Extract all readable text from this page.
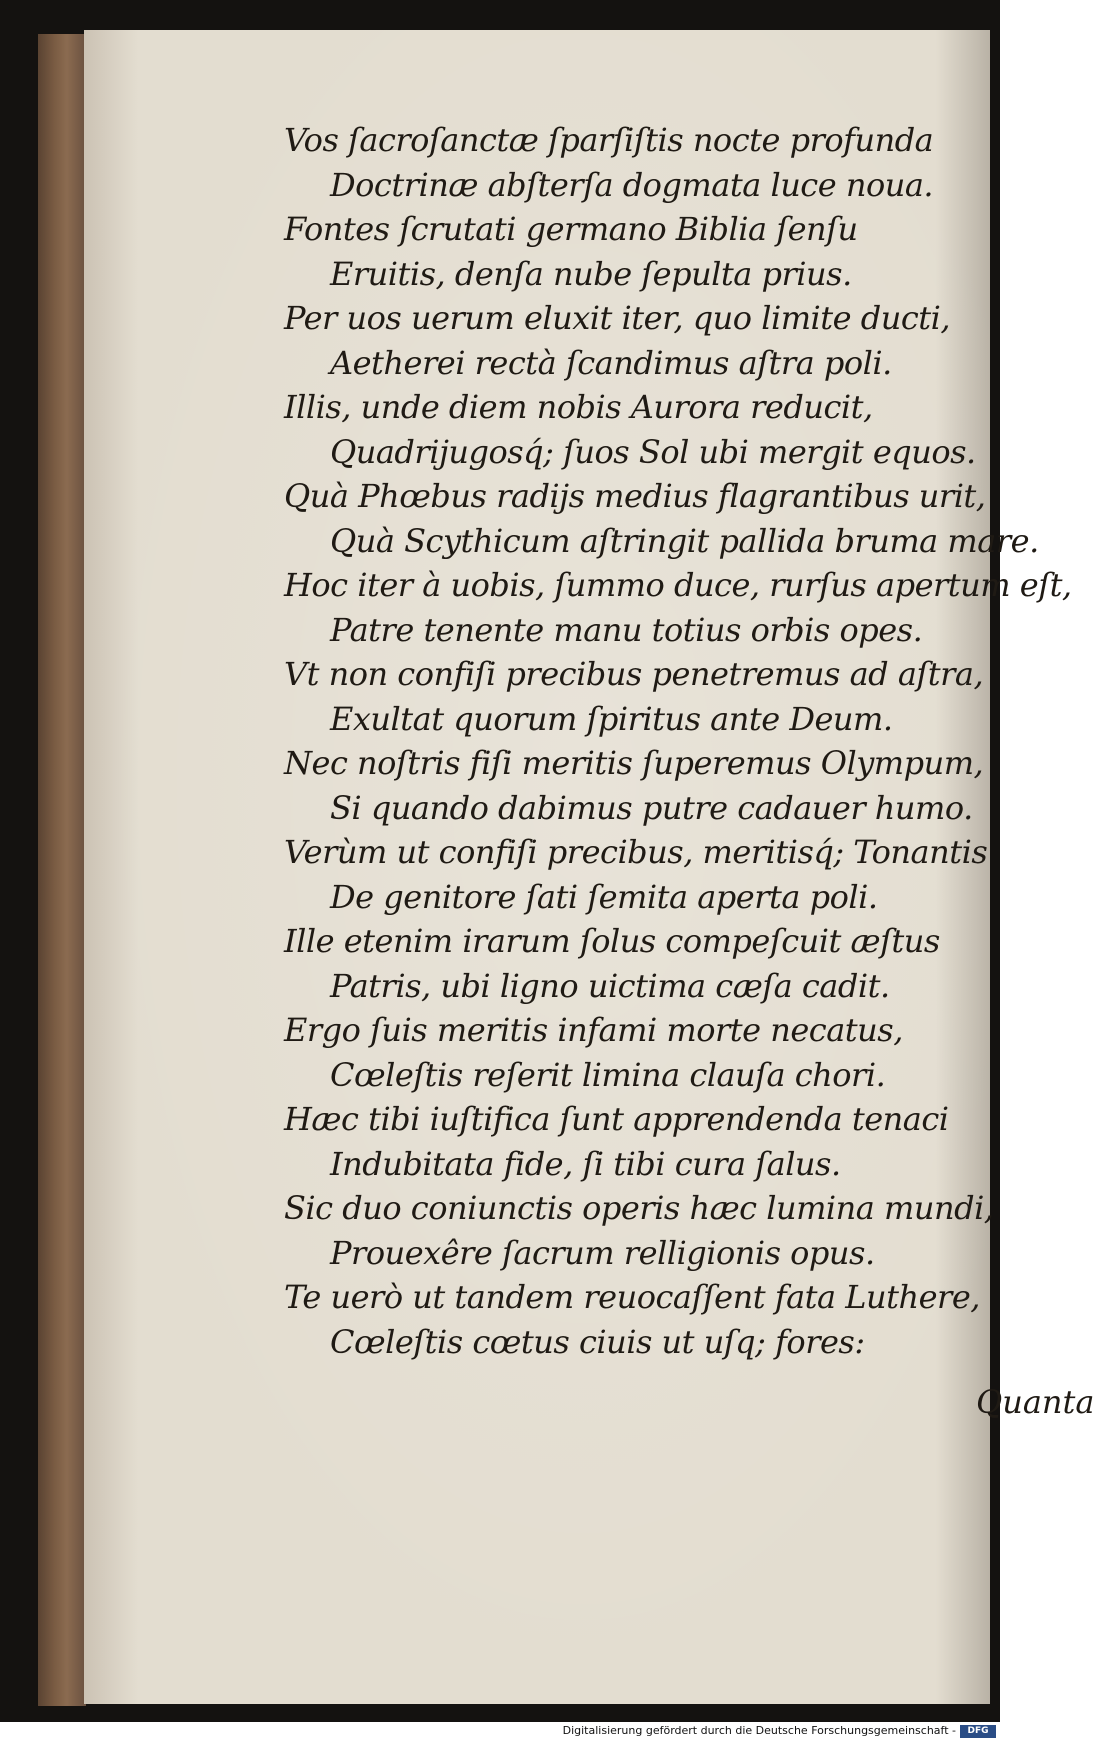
Vos ſacroſanctæ ſparſiſtis nocte profunda
Doctrinæ abſterſa dogmata luce noua.
Fontes ſcrutati germano Biblia ſenſu
Eruitis, denſa nube ſepulta prius.
Per uos uerum eluxit iter, quo limite ducti,
Aetherei rectà ſcandimus aſtra poli.
Illis, unde diem nobis Aurora reducit,
Quadrijugosq́; ſuos Sol ubi mergit equos.
Quà Phœbus radijs medius flagrantibus urit,
Quà Scythicum aſtringit pallida bruma mare.
Hoc iter à uobis, ſummo duce, rurſus apertum eſt,
Patre tenente manu totius orbis opes.
Vt non confiſi precibus penetremus ad aſtra,
Exultat quorum ſpiritus ante Deum.
Nec noſtris fiſi meritis ſuperemus Olympum,
Si quando dabimus putre cadauer humo.
Verùm ut confiſi precibus, meritisq́; Tonantis
De genitore ſati ſemita aperta poli.
Ille etenim irarum ſolus compeſcuit æſtus
Patris, ubi ligno uictima cæſa cadit.
Ergo ſuis meritis infami morte necatus,
Cœleſtis reſerit limina clauſa chori.
Hæc tibi iuſtifica ſunt apprendenda tenaci
Indubitata fide, ſi tibi cura ſalus.
Sic duo coniunctis operis hæc lumina mundi,
Prouexêre ſacrum relligionis opus.
Te uerò ut tandem reuocaſſent fata Luthere,
Cœleſtis cœtus ciuis ut uſq; fores:
Quanta
Digitalisierung gefördert durch die Deutsche Forschungsgemeinschaft -	DFG
